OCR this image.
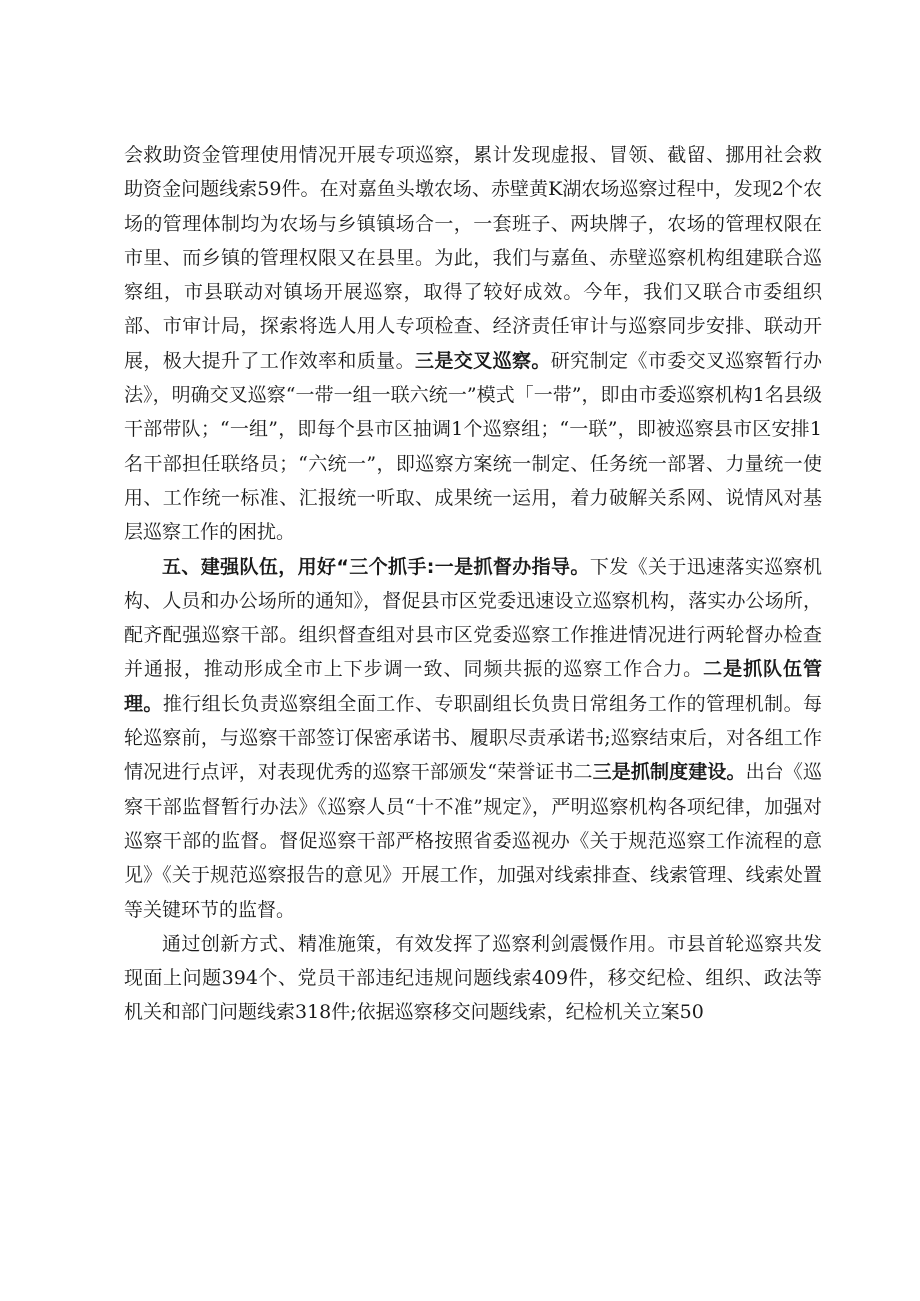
会救助资金管理使用情况开展专项巡察，累计发现虚报、冒领、截留、挪用社会救助资金问题线索59件。在对嘉鱼头墩农场、赤壁黄K湖农场巡察过程中，发现2个农场的管理体制均为农场与乡镇镇场合一，一套班子、两块牌子，农场的管理权限在市里、而乡镇的管理权限又在县里。为此，我们与嘉鱼、赤壁巡察机构组建联合巡察组，市县联动对镇场开展巡察，取得了较好成效。今年，我们又联合市委组织部、市审计局，探索将选人用人专项检查、经济责任审计与巡察同步安排、联动开展，极大提升了工作效率和质量。三是交叉巡察。研究制定《市委交叉巡察暂行办法》，明确交叉巡察“一带一组一联六统一”模式「一带”，即由市委巡察机构1名县级干部带队；“一组”，即每个县市区抽调1个巡察组；“一联”，即被巡察县市区安排1名干部担任联络员；“六统一”，即巡察方案统一制定、任务统一部署、力量统一使用、工作统一标准、汇报统一听取、成果统一运用，着力破解关系网、说情风对基层巡察工作的困扰。

五、建强队伍，用好“三个抓手:一是抓督办指导。下发《关于迅速落实巡察机构、人员和办公场所的通知》，督促县市区党委迅速设立巡察机构，落实办公场所，配齐配强巡察干部。组织督查组对县市区党委巡察工作推进情况进行两轮督办检查并通报，推动形成全市上下步调一致、同频共振的巡察工作合力。二是抓队伍管理。推行组长负责巡察组全面工作、专职副组长负贵日常组务工作的管理机制。每轮巡察前，与巡察干部签订保密承诺书、履职尽责承诺书;巡察结束后，对各组工作情况进行点评，对表现优秀的巡察干部颁发“荣誉证书二三是抓制度建设。出台《巡察干部监督暂行办法》《巡察人员“十不准”规定》，严明巡察机构各项纪律，加强对巡察干部的监督。督促巡察干部严格按照省委巡视办《关于规范巡察工作流程的意见》《关于规范巡察报告的意见》开展工作，加强对线索排查、线索管理、线索处置等关键环节的监督。

通过创新方式、精准施策，有效发挥了巡察利剑震慑作用。市县首轮巡察共发现面上问题394个、党员干部违纪违规问题线索409件，移交纪检、组织、政法等机关和部门问题线索318件;依据巡察移交问题线索，纪检机关立案50
